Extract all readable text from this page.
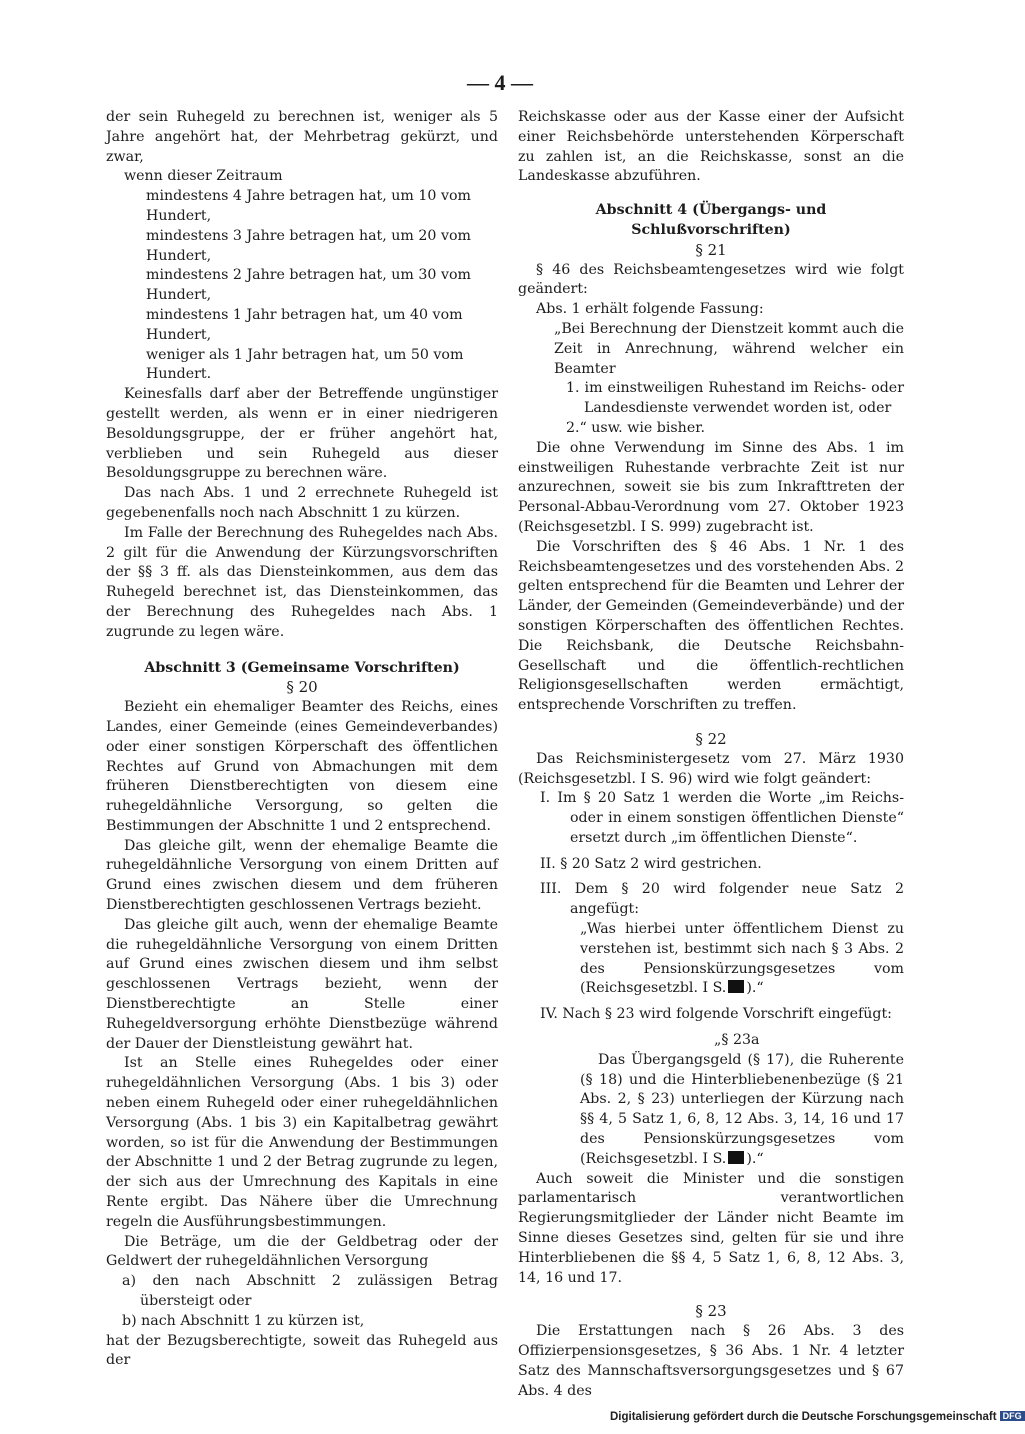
— 4 —

der sein Ruhegeld zu berechnen ist, weniger als 5 Jahre angehört hat, der Mehrbetrag gekürzt, und zwar,

wenn dieser Zeitraum

mindestens 4 Jahre betragen hat, um 10 vom
Hundert,

mindestens 3 Jahre betragen hat, um 20 vom
Hundert,

mindestens 2 Jahre betragen hat, um 30 vom
Hundert,

mindestens 1 Jahr betragen hat, um 40 vom
Hundert,

weniger als 1 Jahr betragen hat, um 50 vom
Hundert.

Keinesfalls darf aber der Betreffende ungünstiger gestellt werden, als wenn er in einer niedrigeren Besoldungsgruppe, der er früher angehört hat, verblieben und sein Ruhegeld aus dieser Besoldungsgruppe zu berechnen wäre.

Das nach Abs. 1 und 2 errechnete Ruhegeld ist gegebenenfalls noch nach Abschnitt 1 zu kürzen.

Im Falle der Berechnung des Ruhegeldes nach Abs. 2 gilt für die Anwendung der Kürzungsvorschriften der §§ 3 ff. als das Diensteinkommen, aus dem das Ruhegeld berechnet ist, das Diensteinkommen, das der Berechnung des Ruhegeldes nach Abs. 1 zugrunde zu legen wäre.

Abschnitt 3 (Gemeinsame Vorschriften)

§ 20

Bezieht ein ehemaliger Beamter des Reichs, eines Landes, einer Gemeinde (eines Gemeindeverbandes) oder einer sonstigen Körperschaft des öffentlichen Rechtes auf Grund von Abmachungen mit dem früheren Dienstberechtigten von diesem eine ruhegeldähnliche Versorgung, so gelten die Bestimmungen der Abschnitte 1 und 2 entsprechend.

Das gleiche gilt, wenn der ehemalige Beamte die ruhegeldähnliche Versorgung von einem Dritten auf Grund eines zwischen diesem und dem früheren Dienstberechtigten geschlossenen Vertrags bezieht.

Das gleiche gilt auch, wenn der ehemalige Beamte die ruhegeldähnliche Versorgung von einem Dritten auf Grund eines zwischen diesem und ihm selbst geschlossenen Vertrags bezieht, wenn der Dienstberechtigte an Stelle einer Ruhegeldversorgung erhöhte Dienstbezüge während der Dauer der Dienstleistung gewährt hat.

Ist an Stelle eines Ruhegeldes oder einer ruhegeldähnlichen Versorgung (Abs. 1 bis 3) oder neben einem Ruhegeld oder einer ruhegeldähnlichen Versorgung (Abs. 1 bis 3) ein Kapitalbetrag gewährt worden, so ist für die Anwendung der Bestimmungen der Abschnitte 1 und 2 der Betrag zugrunde zu legen, der sich aus der Umrechnung des Kapitals in eine Rente ergibt. Das Nähere über die Umrechnung regeln die Ausführungsbestimmungen.

Die Beträge, um die der Geldbetrag oder der Geldwert der ruhegeldähnlichen Versorgung

a) den nach Abschnitt 2 zulässigen Betrag übersteigt oder

b) nach Abschnitt 1 zu kürzen ist,

hat der Bezugsberechtigte, soweit das Ruhegeld aus der

Reichskasse oder aus der Kasse einer der Aufsicht einer Reichsbehörde unterstehenden Körperschaft zu zahlen ist, an die Reichskasse, sonst an die Landeskasse abzuführen.

Abschnitt 4 (Übergangs- und Schlußvorschriften)

§ 21

§ 46 des Reichsbeamtengesetzes wird wie folgt geändert:

Abs. 1 erhält folgende Fassung:

„Bei Berechnung der Dienstzeit kommt auch die Zeit in Anrechnung, während welcher ein Beamter

1. im einstweiligen Ruhestand im Reichs- oder Landesdienste verwendet worden ist, oder

2.“ usw. wie bisher.

Die ohne Verwendung im Sinne des Abs. 1 im einstweiligen Ruhestande verbrachte Zeit ist nur anzurechnen, soweit sie bis zum Inkrafttreten der Personal-Abbau-Verordnung vom 27. Oktober 1923 (Reichsgesetzbl. I S. 999) zugebracht ist.

Die Vorschriften des § 46 Abs. 1 Nr. 1 des Reichsbeamtengesetzes und des vorstehenden Abs. 2 gelten entsprechend für die Beamten und Lehrer der Länder, der Gemeinden (Gemeindeverbände) und der sonstigen Körperschaften des öffentlichen Rechtes. Die Reichsbank, die Deutsche Reichsbahn-Gesellschaft und die öffentlich-rechtlichen Religionsgesellschaften werden ermächtigt, entsprechende Vorschriften zu treffen.

§ 22

Das Reichsministergesetz vom 27. März 1930 (Reichsgesetzbl. I S. 96) wird wie folgt geändert:

I. Im § 20 Satz 1 werden die Worte „im Reichs- oder in einem sonstigen öffentlichen Dienste“ ersetzt durch „im öffentlichen Dienste“.

II. § 20 Satz 2 wird gestrichen.

III. Dem § 20 wird folgender neue Satz 2 angefügt:

„Was hierbei unter öffentlichem Dienst zu verstehen ist, bestimmt sich nach § 3 Abs. 2 des Pensionskürzungsgesetzes vom (Reichsgesetzbl. I S. ).“

IV. Nach § 23 wird folgende Vorschrift eingefügt:

„§ 23a

Das Übergangsgeld (§ 17), die Ruherente (§ 18) und die Hinterbliebenenbezüge (§ 21 Abs. 2, § 23) unterliegen der Kürzung nach §§ 4, 5 Satz 1, 6, 8, 12 Abs. 3, 14, 16 und 17 des Pensionskürzungsgesetzes vom (Reichsgesetzbl. I S. ).“

Auch soweit die Minister und die sonstigen parlamentarisch verantwortlichen Regierungsmitglieder der Länder nicht Beamte im Sinne dieses Gesetzes sind, gelten für sie und ihre Hinterbliebenen die §§ 4, 5 Satz 1, 6, 8, 12 Abs. 3, 14, 16 und 17.

§ 23

Die Erstattungen nach § 26 Abs. 3 des Offizierpensionsgesetzes, § 36 Abs. 1 Nr. 4 letzter Satz des Mannschaftsversorgungsgesetzes und § 67 Abs. 4 des

Digitalisierung gefördert durch die Deutsche Forschungsgemeinschaft DFG
